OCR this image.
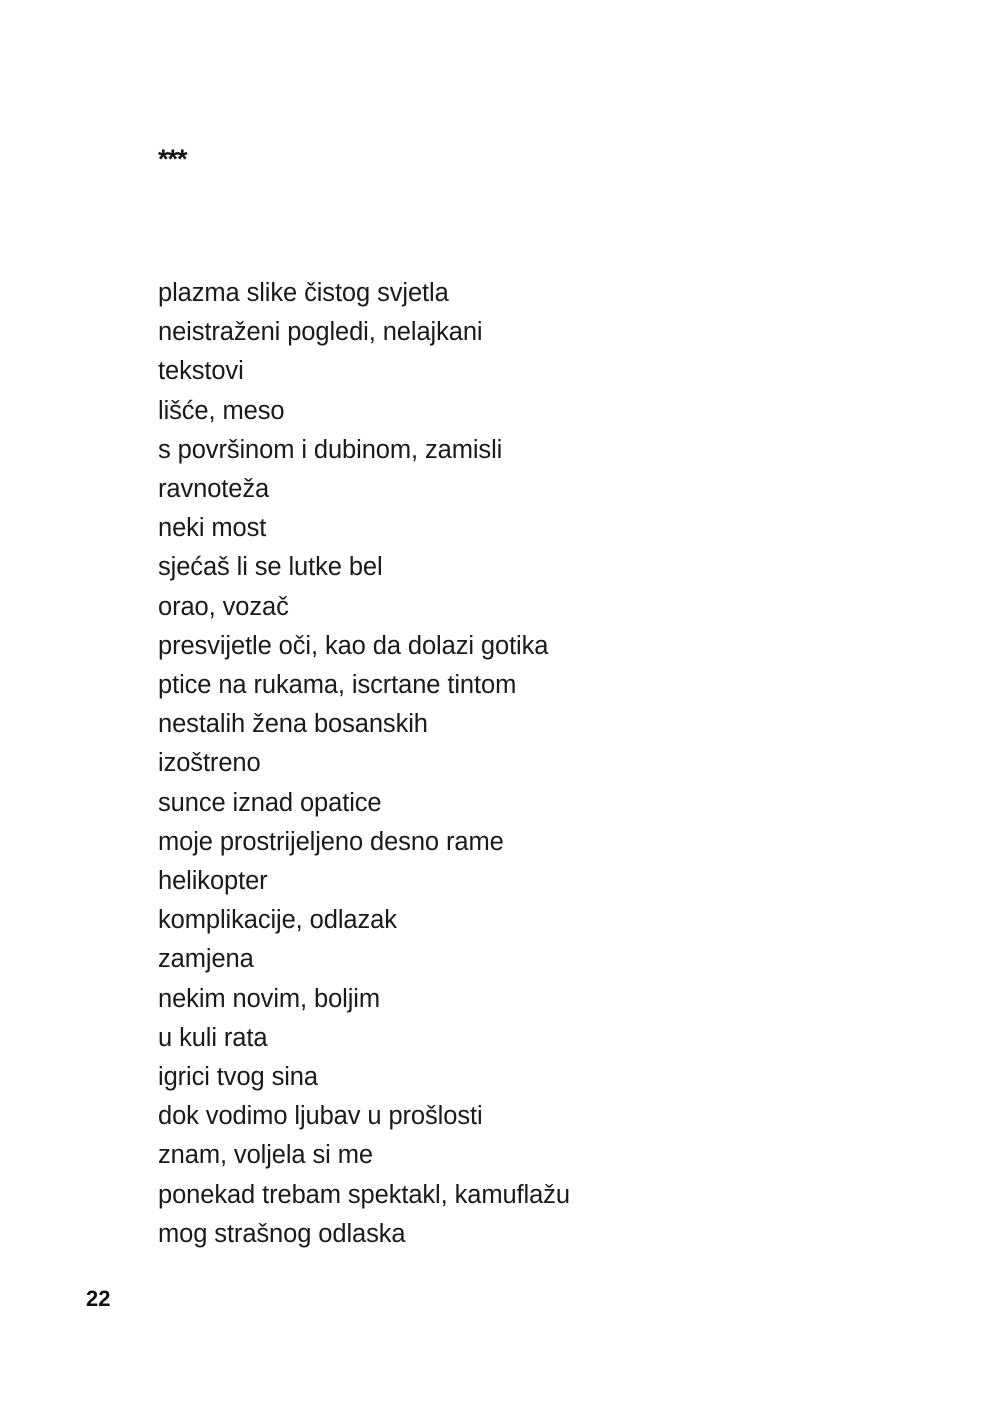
***
plazma slike čistog svjetla
neistraženi pogledi, nelajkani
tekstovi
lišće, meso
s površinom i dubinom, zamisli
ravnoteža
neki most
sjećaš li se lutke bel
orao, vozač
presvijetle oči, kao da dolazi gotika
ptice na rukama, iscrtane tintom
nestalih žena bosanskih
izoštreno
sunce iznad opatice
moje prostrijeljeno desno rame
helikopter
komplikacije, odlazak
zamjena
nekim novim, boljim
u kuli rata
igrici tvog sina
dok vodimo ljubav u prošlosti
znam, voljela si me
ponekad trebam spektakl, kamuflažu
mog strašnog odlaska
22
